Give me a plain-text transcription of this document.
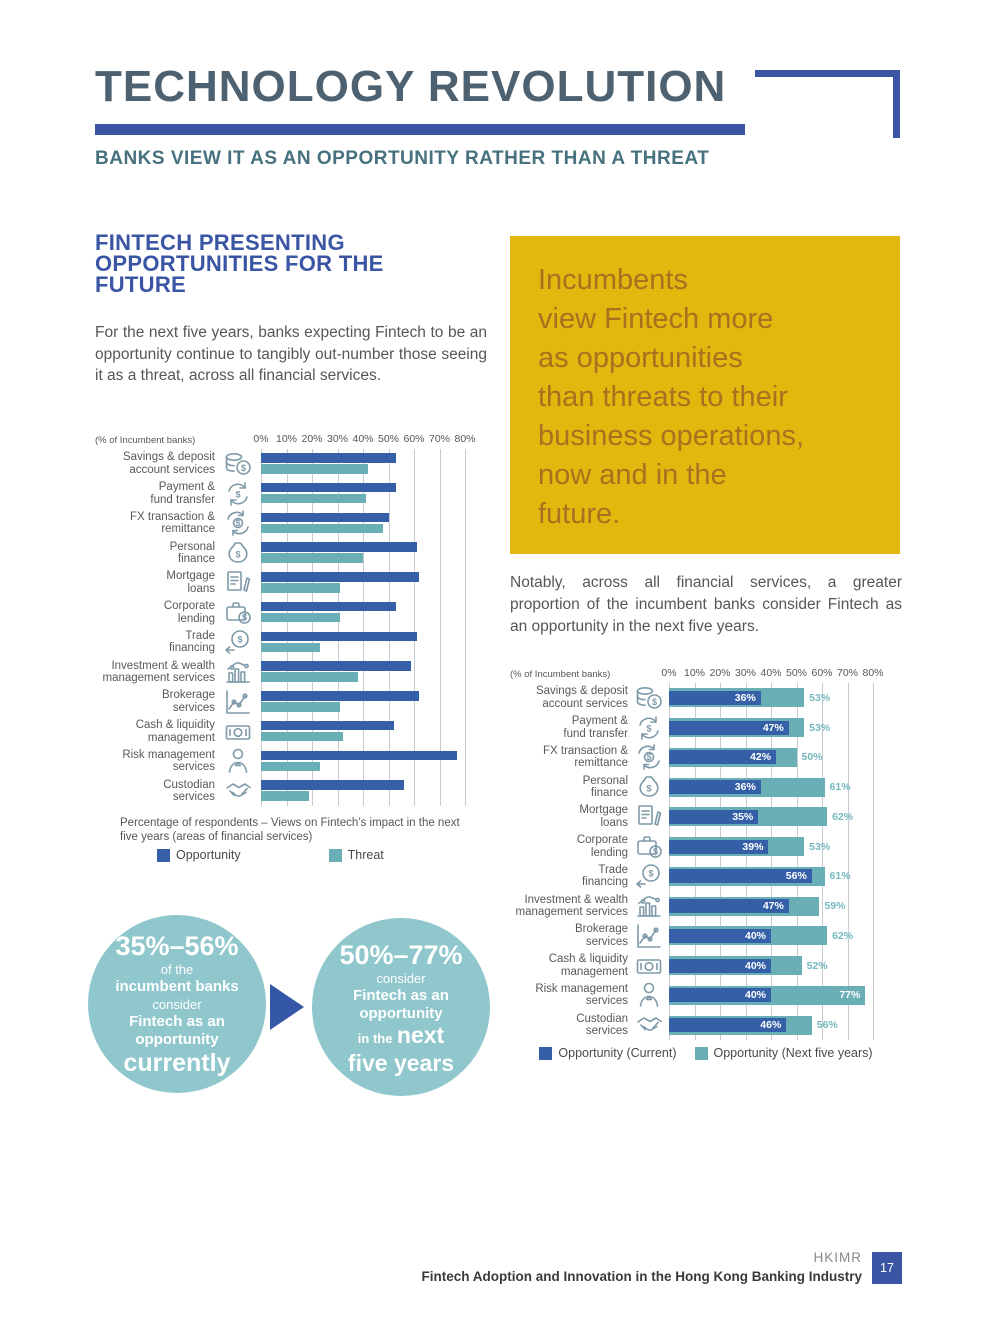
TECHNOLOGY REVOLUTION
BANKS VIEW IT AS AN OPPORTUNITY RATHER THAN A THREAT
FINTECH PRESENTING
OPPORTUNITIES FOR THE
FUTURE

For the next five years, banks expecting Fintech to be an opportunity continue to tangibly out-number those seeing it as a threat, across all financial services.

(% of Incumbent banks)	0% 10% 20% 30% 40% 50% 60% 70% 80%
Savings & deposit
account services	$
Payment &
fund transfer $
FX transaction &
remittance $
Personal
finance $
Mortgage
loans
Corporate
lending	$
Trade
financing
$
Investment & wealth
management services
Brokerage
services
Cash & liquidity
management
Risk management
services
Custodian
services

Percentage of respondents – Views on Fintech’s impact in the next five years (areas of financial services)

Opportunity	Threat
35%–56%
of the
incumbent banks
consider
Fintech as an
opportunity
currently
50%–77%
consider
Fintech as an
opportunity
in the next
five years
Incumbents
view Fintech more
as opportunities
than threats to their
business operations,
now and in the
future.

Notably, across all financial services, a greater proportion of the incumbent banks consider Fintech as an opportunity in the next five years.

(% of Incumbent banks)	0% 10% 20% 30% 40% 50% 60% 70% 80%
Savings & deposit
account services	$	36%	53%
Payment &
fund transfer $	47%	53%
FX transaction &
remittance $	42%	50%
Personal
finance $	36%	61%
Mortgage
loans	35%	62%
Corporate
lending	$	39%	53%
Trade
financing
$	56%	61%
Investment & wealth
management services	47%	59%
Brokerage
services	40%	62%
Cash & liquidity
management	40%	52%
Risk management
services	40%	77%
Custodian
services	46%	56%
Opportunity (Current)	Opportunity (Next five years)
HKIMR
Fintech Adoption and Innovation in the Hong Kong Banking Industry
17
